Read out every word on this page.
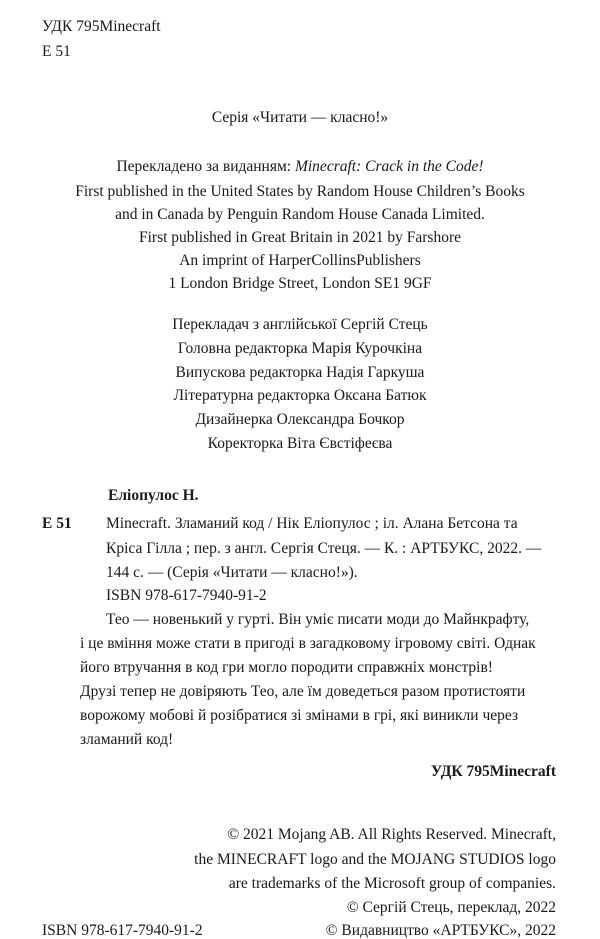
УДК 795Minecraft
Е 51
Серія «Читати — класно!»
Перекладено за виданням: Minecraft: Crack in the Code!
First published in the United States by Random House Children’s Books
and in Canada by Penguin Random House Canada Limited.
First published in Great Britain in 2021 by Farshore
An imprint of HarperCollinsPublishers
1 London Bridge Street, London SE1 9GF
Перекладач з англійської Сергій Стець
Головна редакторка Марія Курочкіна
Випускова редакторка Надія Гаркуша
Літературна редакторка Оксана Батюк
Дизайнерка Олександра Бочкор
Коректорка Віта Євстіфеєва
Еліопулос Н.
Е 51 Minecraft. Зламаний код / Нік Еліопулос ; іл. Алана Бетсона та
Кріса Гілла ; пер. з англ. Сергія Стеця. — К. : АРТБУКС, 2022. —
144 с. — (Серія «Читати — класно!»).
ISBN 978-617-7940-91-2
Тео — новенький у гурті. Він уміє писати моди до Майнкрафту,
і це вміння може стати в пригоді в загадковому ігровому світі. Однак
його втручання в код гри могло породити справжніх монстрів!
Друзі тепер не довіряють Тео, але їм доведеться разом протистояти
ворожому мобові й розібратися зі змінами в грі, які виникли через
зламаний код!
УДК 795Minecraft
© 2021 Mojang AB. All Rights Reserved. Minecraft,
the MINECRAFT logo and the MOJANG STUDIOS logo
are trademarks of the Microsoft group of companies.
© Сергій Стець, переклад, 2022
ISBN 978-617-7940-91-2	© Видавництво «АРТБУКС», 2022
